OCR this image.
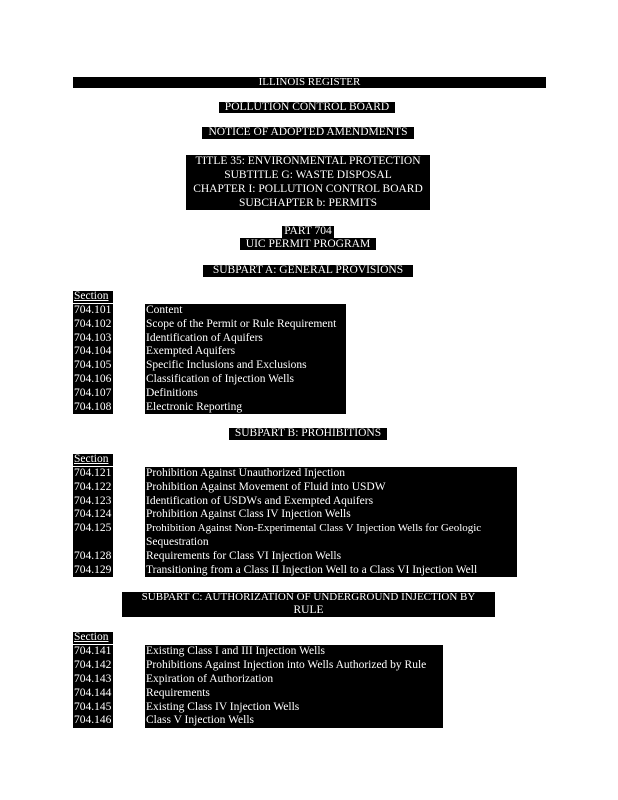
ILLINOIS REGISTER
POLLUTION CONTROL BOARD
NOTICE OF ADOPTED AMENDMENTS
TITLE 35: ENVIRONMENTAL PROTECTION
SUBTITLE G: WASTE DISPOSAL
CHAPTER I: POLLUTION CONTROL BOARD
SUBCHAPTER b: PERMITS
PART 704
UIC PERMIT PROGRAM
SUBPART A: GENERAL PROVISIONS
Section
704.101	Content
704.102	Scope of the Permit or Rule Requirement
704.103	Identification of Aquifers
704.104	Exempted Aquifers
704.105	Specific Inclusions and Exclusions
704.106	Classification of Injection Wells
704.107	Definitions
704.108	Electronic Reporting
SUBPART B: PROHIBITIONS
Section
704.121	Prohibition Against Unauthorized Injection
704.122	Prohibition Against Movement of Fluid into USDW
704.123	Identification of USDWs and Exempted Aquifers
704.124	Prohibition Against Class IV Injection Wells
704.125	Prohibition Against Non-Experimental Class V Injection Wells for Geologic
Sequestration
704.128	Requirements for Class VI Injection Wells
704.129	Transitioning from a Class II Injection Well to a Class VI Injection Well
SUBPART C: AUTHORIZATION OF UNDERGROUND INJECTION BY
RULE
Section
704.141	Existing Class I and III Injection Wells
704.142	Prohibitions Against Injection into Wells Authorized by Rule
704.143	Expiration of Authorization
704.144	Requirements
704.145	Existing Class IV Injection Wells
704.146	Class V Injection Wells
